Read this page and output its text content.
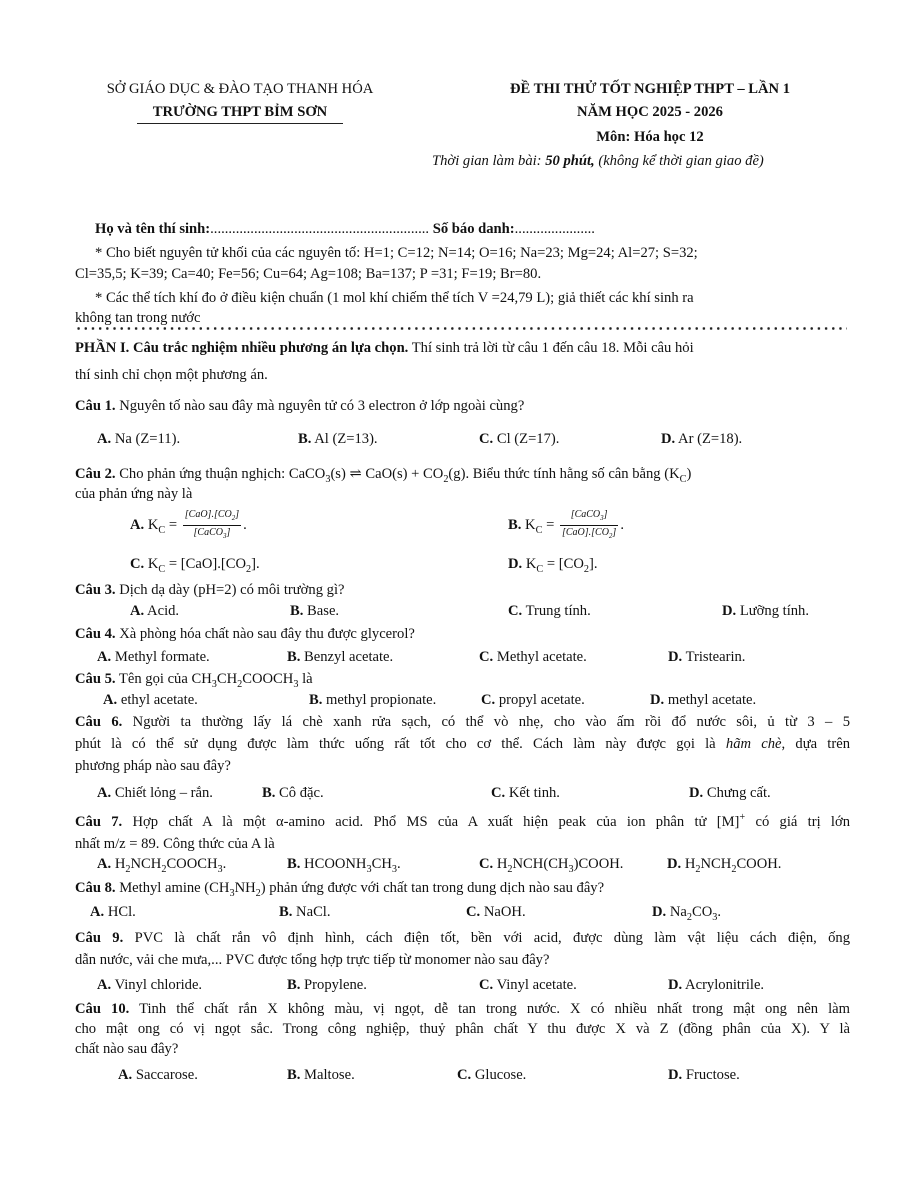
SỞ GIÁO DỤC & ĐÀO TẠO THANH HÓA
TRƯỜNG THPT BỈM SƠN
ĐỀ THI THỬ TỐT NGHIỆP THPT – LẦN 1
NĂM HỌC 2025 - 2026
Môn: Hóa học 12
Thời gian làm bài: 50 phút, (không kể thời gian giao đề)
Họ và tên thí sinh:............................................................ Số báo danh:......................
* Cho biết nguyên tử khối của các nguyên tố: H=1; C=12; N=14; O=16; Na=23; Mg=24; Al=27; S=32;
Cl=35,5; K=39; Ca=40; Fe=56; Cu=64; Ag=108; Ba=137; P =31; F=19; Br=80.
* Các thể tích khí đo ở điều kiện chuẩn (1 mol khí chiếm thể tích V =24,79 L); giả thiết các khí sinh ra
không tan trong nước
PHẦN I. Câu trắc nghiệm nhiều phương án lựa chọn. Thí sinh trả lời từ câu 1 đến câu 18. Mỗi câu hỏi
thí sinh chỉ chọn một phương án.
Câu 1. Nguyên tố nào sau đây mà nguyên tử có 3 electron ở lớp ngoài cùng?
A. Na (Z=11).	B. Al (Z=13).	C. Cl (Z=17).	D. Ar (Z=18).
Câu 2. Cho phản ứng thuận nghịch: CaCO$_3$(s) ⇌ $CaO(s) + CO_2(g)$. Biểu thức tính hằng số cân bằng $(K_C)$
của phản ứng này là
A. $K_C = \frac{[CaO].[CO_2]}{[CaCO_3]}$ .	B. $K_C = \frac{[CaCO_3]}{[CaO].[CO_2]}$ .
C. $K_C = [CaO].[CO_2]$.	D. $K_C = [CO_2]$.
Câu 3. Dịch dạ dày (pH=2) có môi trường gì?
A. Acid.	B. Base.	C. Trung tính.	D. Lưỡng tính.
Câu 4. Xà phòng hóa chất nào sau đây thu được glycerol?
A. Methyl formate.	B. Benzyl acetate.	C. Methyl acetate.	D. Tristearin.
Câu 5. Tên gọi của $CH_3CH_2COOCH_3$ là
A. ethyl acetate.	B. methyl propionate.	C. propyl acetate.	D. methyl acetate.
Câu 6. Người ta thường lấy lá chè xanh rửa sạch, có thể vò nhẹ, cho vào ấm rồi đổ nước sôi, ủ từ 3 – 5
phút là có thể sử dụng được làm thức uống rất tốt cho cơ thể. Cách làm này được gọi là hãm chè, dựa trên
phương pháp nào sau đây?
A. Chiết lỏng – rắn.	B. Cô đặc.	C. Kết tinh.	D. Chưng cất.
Câu 7. Hợp chất A là một α-amino acid. Phổ MS của A xuất hiện peak của ion phân tử [M]+ có giá trị lớn
nhất m/z = 89. Công thức của A là
A. $H_2NCH_2COOCH_3$.	B. $HCOONH_3CH_3$.	C. $H_2NCH(CH_3)COOH$.	D. $H_2NCH_2COOH$.
Câu 8. Methyl amine $(CH_3NH_2)$ phản ứng được với chất tan trong dung dịch nào sau đây?
A. HCl.	B. NaCl.	C. NaOH.	D. $Na_2CO_3$.
Câu 9. PVC là chất rắn vô định hình, cách điện tốt, bền với acid, được dùng làm vật liệu cách điện, ống
dẫn nước, vải che mưa,... PVC được tổng hợp trực tiếp từ monomer nào sau đây?
A. Vinyl chloride.	B. Propylene.	C. Vinyl acetate.	D. Acrylonitrile.
Câu 10. Tinh thể chất rắn X không màu, vị ngọt, dễ tan trong nước. X có nhiều nhất trong mật ong nên làm
cho mật ong có vị ngọt sắc. Trong công nghiệp, thuỷ phân chất Y thu được X và Z (đồng phân của X). Y là
chất nào sau đây?
A. Saccarose.	B. Maltose.	C. Glucose.	D. Fructose.
